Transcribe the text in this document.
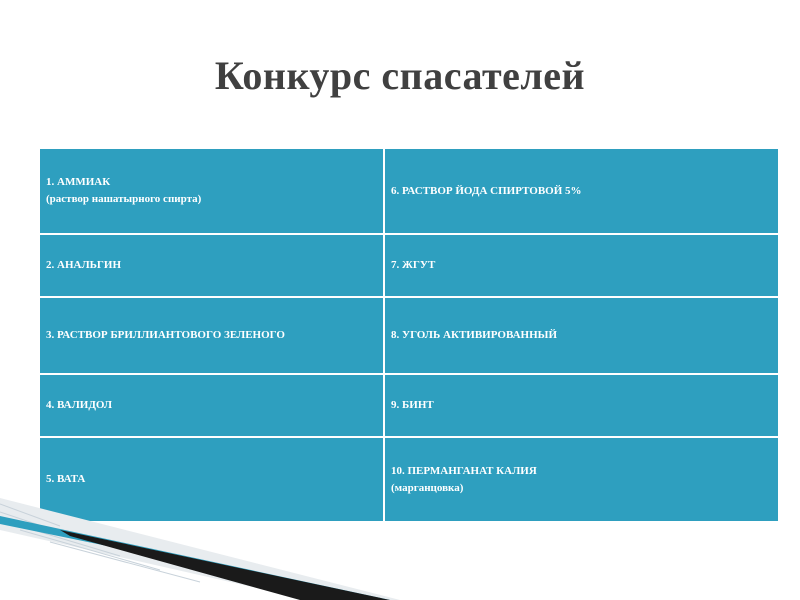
Конкурс спасателей
1. АММИАК
(раствор нашатырного спирта)
2. АНАЛЬГИН
3. РАСТВОР БРИЛЛИАНТОВОГО ЗЕЛЕНОГО
4. ВАЛИДОЛ
5. ВАТА
6. РАСТВОР ЙОДА СПИРТОВОЙ 5%
7. ЖГУТ
8. УГОЛЬ АКТИВИРОВАННЫЙ
9. БИНТ
10. ПЕРМАНГАНАТ КАЛИЯ
(марганцовка)
